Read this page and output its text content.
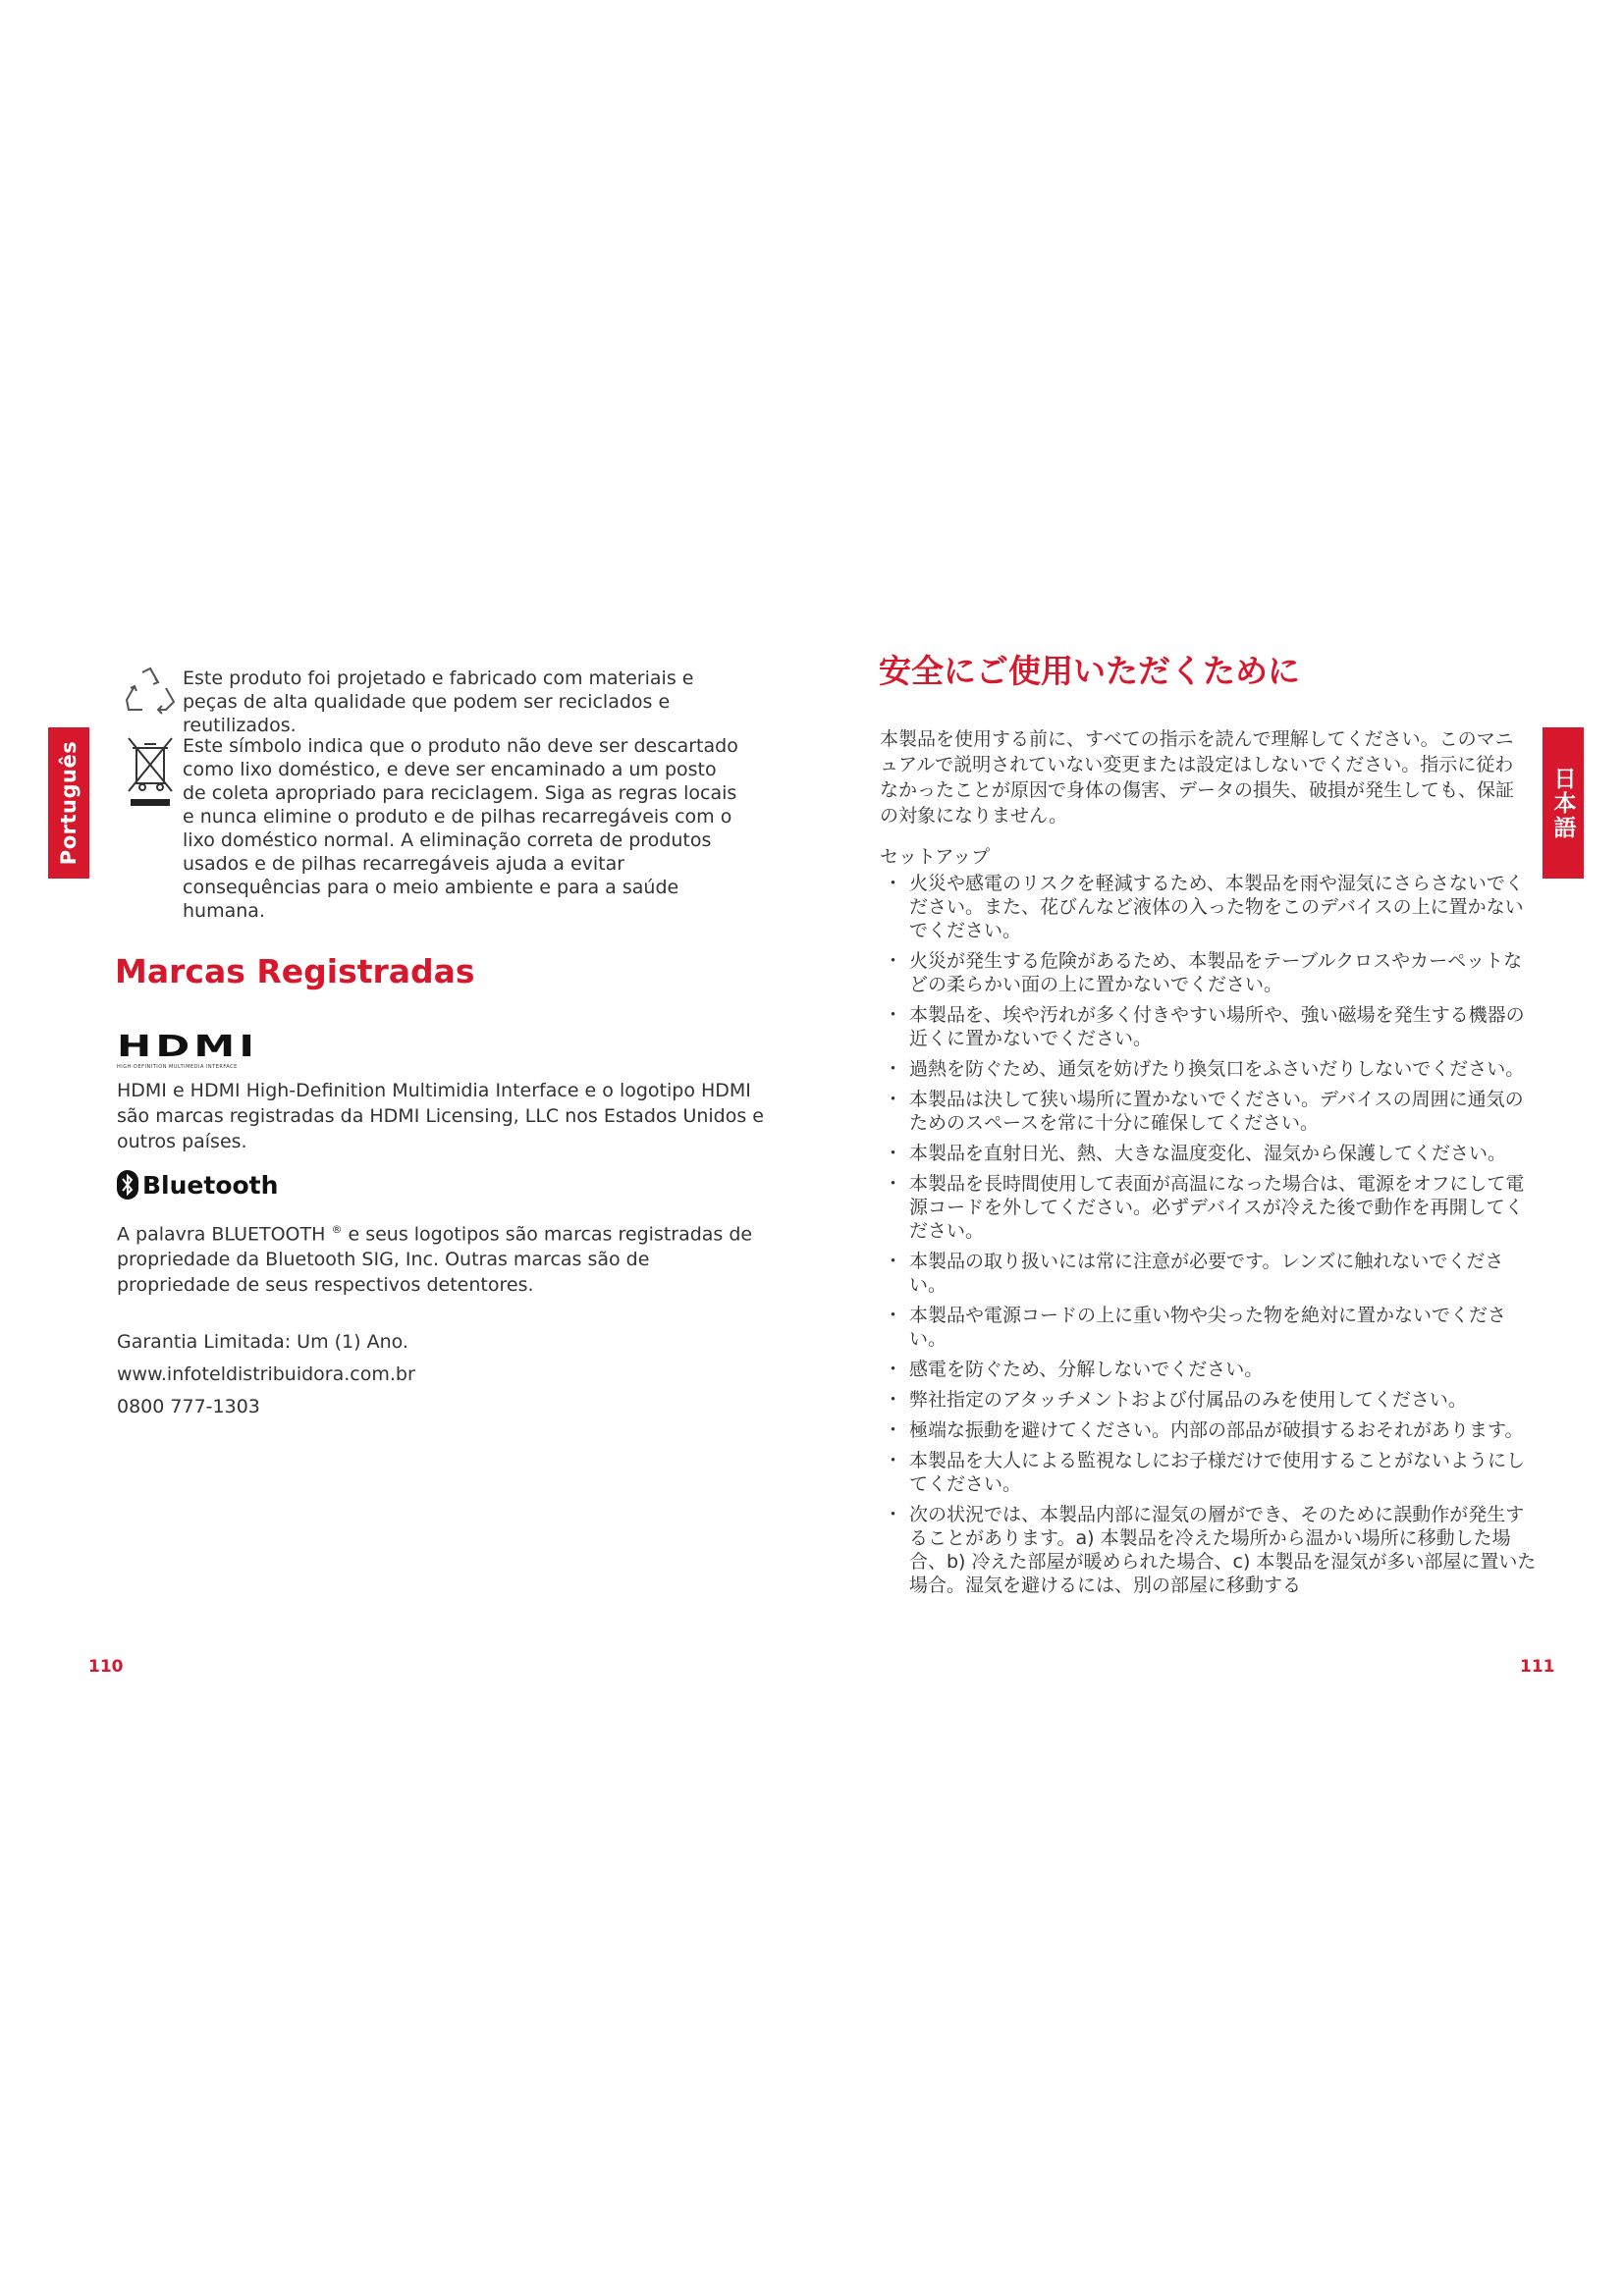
Português
Este produto foi projetado e fabricado com materiais e peças de alta qualidade que podem ser reciclados e reutilizados.
Este símbolo indica que o produto não deve ser descartado como lixo doméstico, e deve ser encaminado a um posto de coleta apropriado para reciclagem. Siga as regras locais e nunca elimine o produto e de pilhas recarregáveis com o lixo doméstico normal. A eliminação correta de produtos usados e de pilhas recarregáveis ajuda a evitar consequências para o meio ambiente e para a saúde humana.
Marcas Registradas
HDMI
HIGH-DEFINITION MULTIMEDIA INTERFACE
HDMI e HDMI High-Definition Multimidia Interface e o logotipo HDMI são marcas registradas da HDMI Licensing, LLC nos Estados Unidos e outros países.
Bluetooth
A palavra BLUETOOTH ® e seus logotipos são marcas registradas de propriedade da Bluetooth SIG, Inc. Outras marcas são de propriedade de seus respectivos detentores.
Garantia Limitada: Um (1) Ano.
www.infoteldistribuidora.com.br
0800 777-1303
110
安全にご使用いただくために
本製品を使用する前に、すべての指示を読んで理解してください。このマニュアルで説明されていない変更または設定はしないでください。指示に従わなかったことが原因で身体の傷害、データの損失、破損が発生しても、保証の対象になりません。
セットアップ
・ 火災や感電のリスクを軽減するため、本製品を雨や湿気にさらさないでください。また、花びんなど液体の入った物をこのデバイスの上に置かないでください。
・ 火災が発生する危険があるため、本製品をテーブルクロスやカーペットなどの柔らかい面の上に置かないでください。
・ 本製品を、埃や汚れが多く付きやすい場所や、強い磁場を発生する機器の近くに置かないでください。
・ 過熱を防ぐため、通気を妨げたり換気口をふさいだりしないでください。
・ 本製品は決して狭い場所に置かないでください。デバイスの周囲に通気のためのスペースを常に十分に確保してください。
・ 本製品を直射日光、熱、大きな温度変化、湿気から保護してください。
・ 本製品を長時間使用して表面が高温になった場合は、電源をオフにして電源コードを外してください。必ずデバイスが冷えた後で動作を再開してください。
・ 本製品の取り扱いには常に注意が必要です。レンズに触れないでください。
・ 本製品や電源コードの上に重い物や尖った物を絶対に置かないでください。
・ 感電を防ぐため、分解しないでください。
・ 弊社指定のアタッチメントおよび付属品のみを使用してください。
・ 極端な振動を避けてください。内部の部品が破損するおそれがあります。
・ 本製品を大人による監視なしにお子様だけで使用することがないようにしてください。
・ 次の状況では、本製品内部に湿気の層ができ、そのために誤動作が発生することがあります。a) 本製品を冷えた場所から温かい場所に移動した場合、b) 冷えた部屋が暖められた場合、c) 本製品を湿気が多い部屋に置いた場合。湿気を避けるには、別の部屋に移動する
日本語
111
